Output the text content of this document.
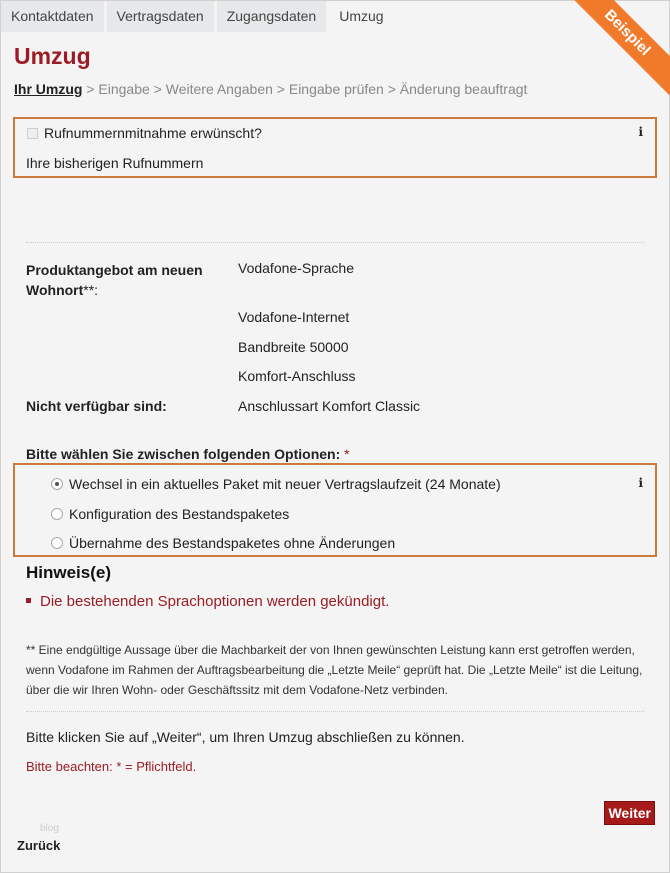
Kontaktdaten	Vertragsdaten	Zugangsdaten	Umzug	Beispiel
Umzug
Ihr Umzug > Eingabe > Weitere Angaben > Eingabe prüfen > Änderung beauftragt
Rufnummernmitnahme erwünscht?	i
Ihre bisherigen Rufnummern
Produktangebot am neuen Wohnort**:
Vodafone-Sprache
Vodafone-Internet
Bandbreite 50000
Komfort-Anschluss
Nicht verfügbar sind:	Anschlussart Komfort Classic
Bitte wählen Sie zwischen folgenden Optionen: *
Wechsel in ein aktuelles Paket mit neuer Vertragslaufzeit (24 Monate)	i
Konfiguration des Bestandspaketes
Übernahme des Bestandspaketes ohne Änderungen
Hinweis(e)
Die bestehenden Sprachoptionen werden gekündigt.
** Eine endgültige Aussage über die Machbarkeit der von Ihnen gewünschten Leistung kann erst getroffen werden, wenn Vodafone im Rahmen der Auftragsbearbeitung die „Letzte Meile“ geprüft hat. Die „Letzte Meile“ ist die Leitung, über die wir Ihren Wohn- oder Geschäftssitz mit dem Vodafone-Netz verbinden.
Bitte klicken Sie auf „Weiter“, um Ihren Umzug abschließen zu können.
Bitte beachten: * = Pflichtfeld.
Weiter
blog
Zurück
